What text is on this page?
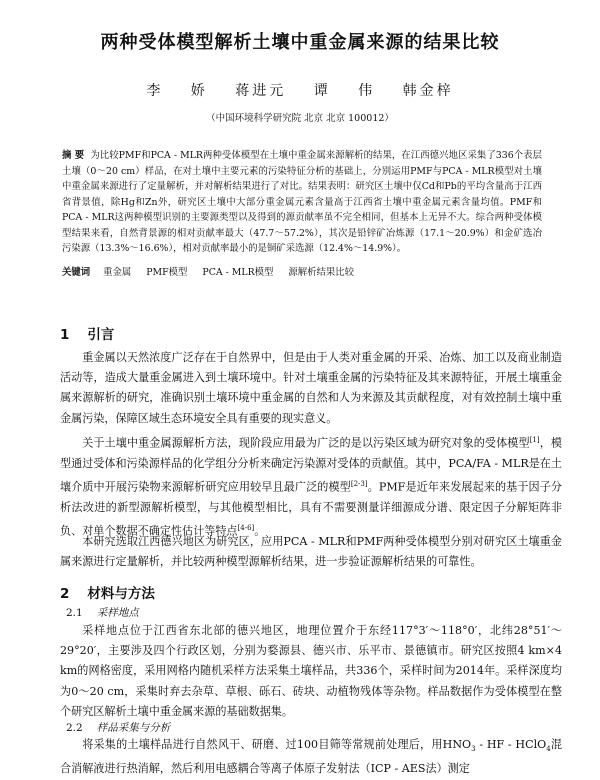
两种受体模型解析土壤中重金属来源的结果比较
李 娇 蒋进元 谭 伟 韩金梓
（中国环境科学研究院 北京 北京 100012）
摘 要 为比较PMF和PCA - MLR两种受体模型在土壤中重金属来源解析的结果，在江西德兴地区采集了336个表层土壤（0～20 cm）样品，在对土壤中主要元素的污染特征分析的基础上，分别运用PMF与PCA - MLR模型对土壤中重金属来源进行了定量解析，并对解析结果进行了对比。结果表明：研究区土壤中仅Cd和Pb的平均含量高于江西省背景值，除Hg和Zn外，研究区土壤中大部分重金属元素含量高于江西省土壤中重金属元素含量均值。PMF和PCA - MLR这两种模型识别的主要源类型以及得到的源贡献率虽不完全相同，但基本上无异不大。综合两种受体模型结果来看，自然背景源的相对贡献率最大（47.7～57.2%），其次是铅锌矿冶炼源（17.1～20.9%）和金矿选冶污染源（13.3%～16.6%），相对贡献率最小的是铜矿采选源（12.4%～14.9%）。
关键词 重金属 PMF模型 PCA - MLR模型 源解析结果比较
1 引言
重金属以天然浓度广泛存在于自然界中，但是由于人类对重金属的开采、冶炼、加工以及商业制造活动等，造成大量重金属进入到土壤环境中。针对土壤重金属的污染特征及其来源特征，开展土壤重金属来源解析的研究，准确识别土壤环境中重金属的自然和人为来源及其贡献程度，对有效控制土壤中重金属污染，保障区域生态环境安全具有重要的现实意义。
关于土壤中重金属源解析方法，现阶段应用最为广泛的是以污染区域为研究对象的受体模型[1]，模型通过受体和污染源样品的化学组分分析来确定污染源对受体的贡献值。其中，PCA/FA - MLR是在土壤介质中开展污染物来源解析研究应用较早且最广泛的模型[2-3]。PMF是近年来发展起来的基于因子分析法改进的新型源解析模型，与其他模型相比，具有不需要测量详细源成分谱、限定因子分解矩阵非负、对单个数据不确定性估计等特点[4-6]。
本研究选取江西德兴地区为研究区，应用PCA - MLR和PMF两种受体模型分别对研究区土壤重金属来源进行定量解析，并比较两种模型源解析结果，进一步验证源解析结果的可靠性。
2 材料与方法
2.1 采样地点
采样地点位于江西省东北部的德兴地区，地理位置介于东经117°3′～118°0′，北纬28°51′～29°20′，主要涉及四个行政区划，分别为婺源县、德兴市、乐平市、景德镇市。研究区按照4 km×4 km的网格密度，采用网格内随机采样方法采集土壤样品，共336个，采样时间为2014年。采样深度均为0～20 cm，采集时弃去杂草、草根、砾石、砖块、动植物残体等杂物。样品数据作为受体模型在整个研究区解析土壤中重金属来源的基础数据集。
2.2 样品采集与分析
将采集的土壤样品进行自然风干、研磨、过100目筛等常规前处理后，用$HNO_3$ - HF - HClO$_4$混合消解液进行热消解，然后利用电感耦合等离子体原子发射法（ICP - AES法）测定
